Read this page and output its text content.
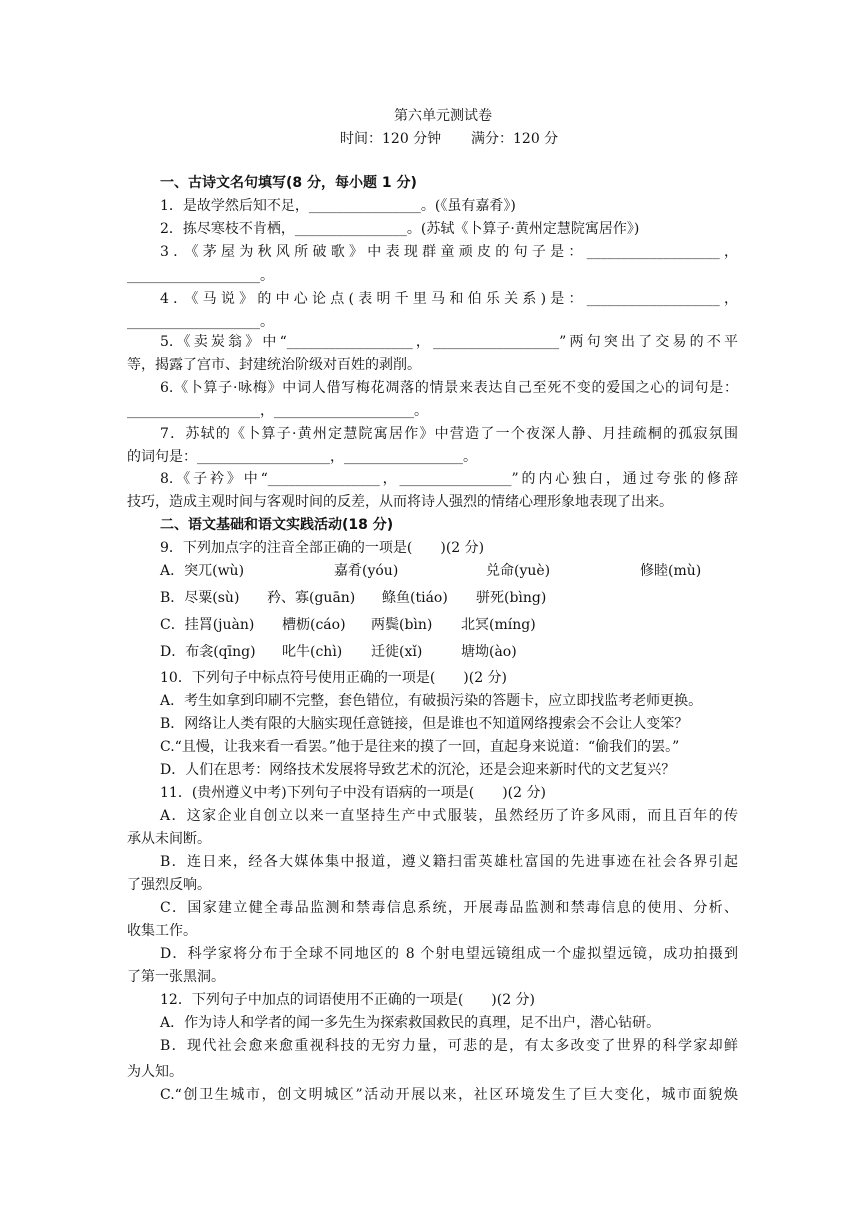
第六单元测试卷
时间：120 分钟 满分：120 分
一、古诗文名句填写(8 分，每小题 1 分)
1．是故学然后知不足，________________。(《虽有嘉肴》)
2．拣尽寒枝不肯栖，________________。(苏轼《卜算子·黄州定慧院寓居作》)
3．《茅屋为秋风所破歌》中表现群童顽皮的句子是：___________________，
___________________。
4．《马说》的中心论点(表明千里马和伯乐关系)是：___________________，
___________________。
5.《卖炭翁》中“__________________，__________________”两句突出了交易的不平
等，揭露了宫市、封建统治阶级对百姓的剥削。
6.《卜算子·咏梅》中词人借写梅花凋落的情景来表达自己至死不变的爱国之心的词句是：
___________________，____________________。
7．苏轼的《卜算子·黄州定慧院寓居作》中营造了一个夜深人静、月挂疏桐的孤寂氛围
的词句是：___________________，_________________。
8.《子衿》中“________________，________________”的内心独白，通过夸张的修辞
技巧，造成主观时间与客观时间的反差，从而将诗人强烈的情绪心理形象地表现了出来。
二、语文基础和语文实践活动(18 分)
9．下列加点字的注音全部正确的一项是(　　)(2 分)
A．突兀(wù)	嘉肴(yóu)	兑命(yuè)	修睦(mù)
B．尽粟(sù) 矜、寡(guān) 鲦鱼(tiáo) 骈死(bìng)
C．挂罥(juàn) 槽枥(cáo) 两鬓(bìn) 北冥(míng)
D．布衾(qīng) 叱牛(chì) 迁徙(xǐ)	塘坳(ào)
10．下列句子中标点符号使用正确的一项是(　　)(2 分)
A．考生如拿到印刷不完整，套色错位，有破损污染的答题卡，应立即找监考老师更换。
B．网络让人类有限的大脑实现任意链接，但是谁也不知道网络搜索会不会让人变笨？
C.“且慢，让我来看一看罢。”他于是往来的摸了一回，直起身来说道：“偷我们的罢。”
D．人们在思考：网络技术发展将导致艺术的沉沦，还是会迎来新时代的文艺复兴？
11．(贵州遵义中考)下列句子中没有语病的一项是(　　)(2 分)
A．这家企业自创立以来一直坚持生产中式服装，虽然经历了许多风雨，而且百年的传
承从未间断。
B．连日来，经各大媒体集中报道，遵义籍扫雷英雄杜富国的先进事迹在社会各界引起
了强烈反响。
C．国家建立健全毒品监测和禁毒信息系统，开展毒品监测和禁毒信息的使用、分析、
收集工作。
D．科学家将分布于全球不同地区的 8 个射电望远镜组成一个虚拟望远镜，成功拍摄到
了第一张黑洞。
12．下列句子中加点的词语使用不正确的一项是(　　)(2 分)
A．作为诗人和学者的闻一多先生为探索救国救民的真理，足不出户，潜心钻研。
B．现代社会愈来愈重视科技的无穷力量，可悲的是，有太多改变了世界的科学家却鲜
为人知。
C.“创卫生城市，创文明城区”活动开展以来，社区环境发生了巨大变化，城市面貌焕
